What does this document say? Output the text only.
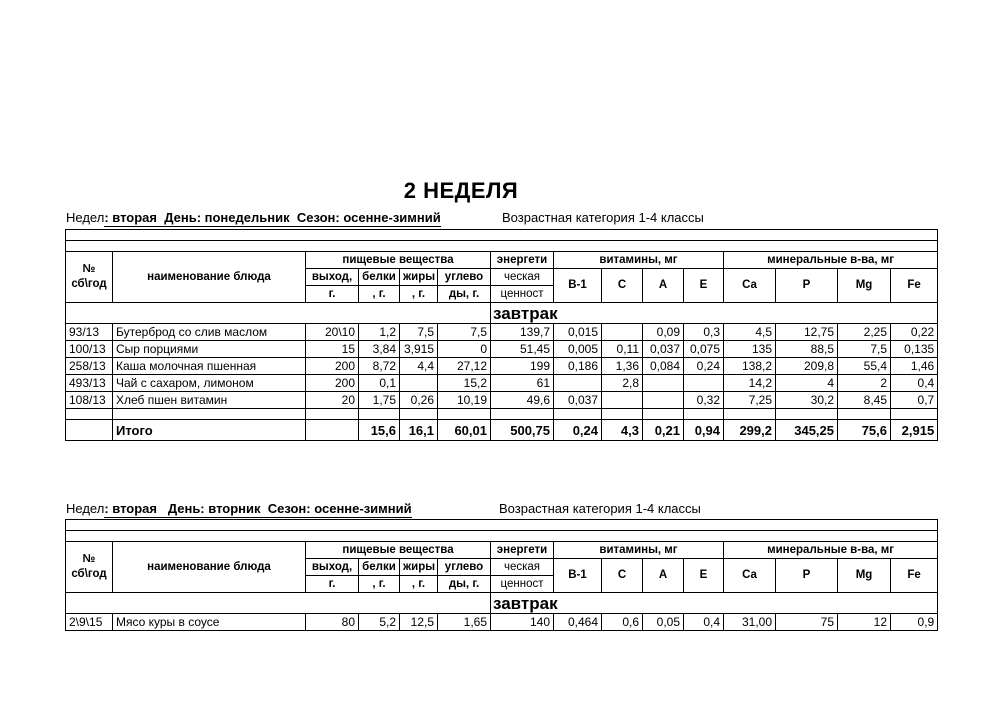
2 НЕДЕЛЯ
Недел: вторая День: понедельник Сезон: осенне-зимний	Возрастная категория 1-4 классы

№
сб\год	наименование блюда	пищевые вещества				энергети	витамины, мг				минеральные в-ва, мг			
		выход,	белки	жиры	углево	ческая	В-1	С	А	Е	Са	Р	Mg	Fe
		г.	, г.	, г.	ды, г.	ценност								
						завтрак								
93/13	Бутерброд со слив маслом	20\10	1,2	7,5	7,5	139,7	0,015		0,09	0,3	4,5	12,75	2,25	0,22
100/13	Сыр порциями	15	3,84	3,915	0	51,45	0,005	0,11	0,037	0,075	135	88,5	7,5	0,135
258/13	Каша молочная пшенная	200	8,72	4,4	27,12	199	0,186	1,36	0,084	0,24	138,2	209,8	55,4	1,46
493/13	Чай с сахаром, лимоном	200	0,1		15,2	61		2,8			14,2	4	2	0,4
108/13	Хлеб пшен витамин	20	1,75	0,26	10,19	49,6	0,037			0,32	7,25	30,2	8,45	0,7

	Итого		15,6	16,1	60,01	500,75	0,24	4,3	0,21	0,94	299,2	345,25	75,6	2,915
Недел: вторая День: вторник Сезон: осенне-зимний	Возрастная категория 1-4 классы

№
сб\год	наименование блюда	пищевые вещества				энергети	витамины, мг				минеральные в-ва, мг			
		выход,	белки	жиры	углево	ческая	В-1	С	А	Е	Са	Р	Mg	Fe
		г.	, г.	, г.	ды, г.	ценност								
						завтрак								
2\9\15	Мясо куры в соусе	80	5,2	12,5	1,65	140	0,464	0,6	0,05	0,4	31,00	75	12	0,9
